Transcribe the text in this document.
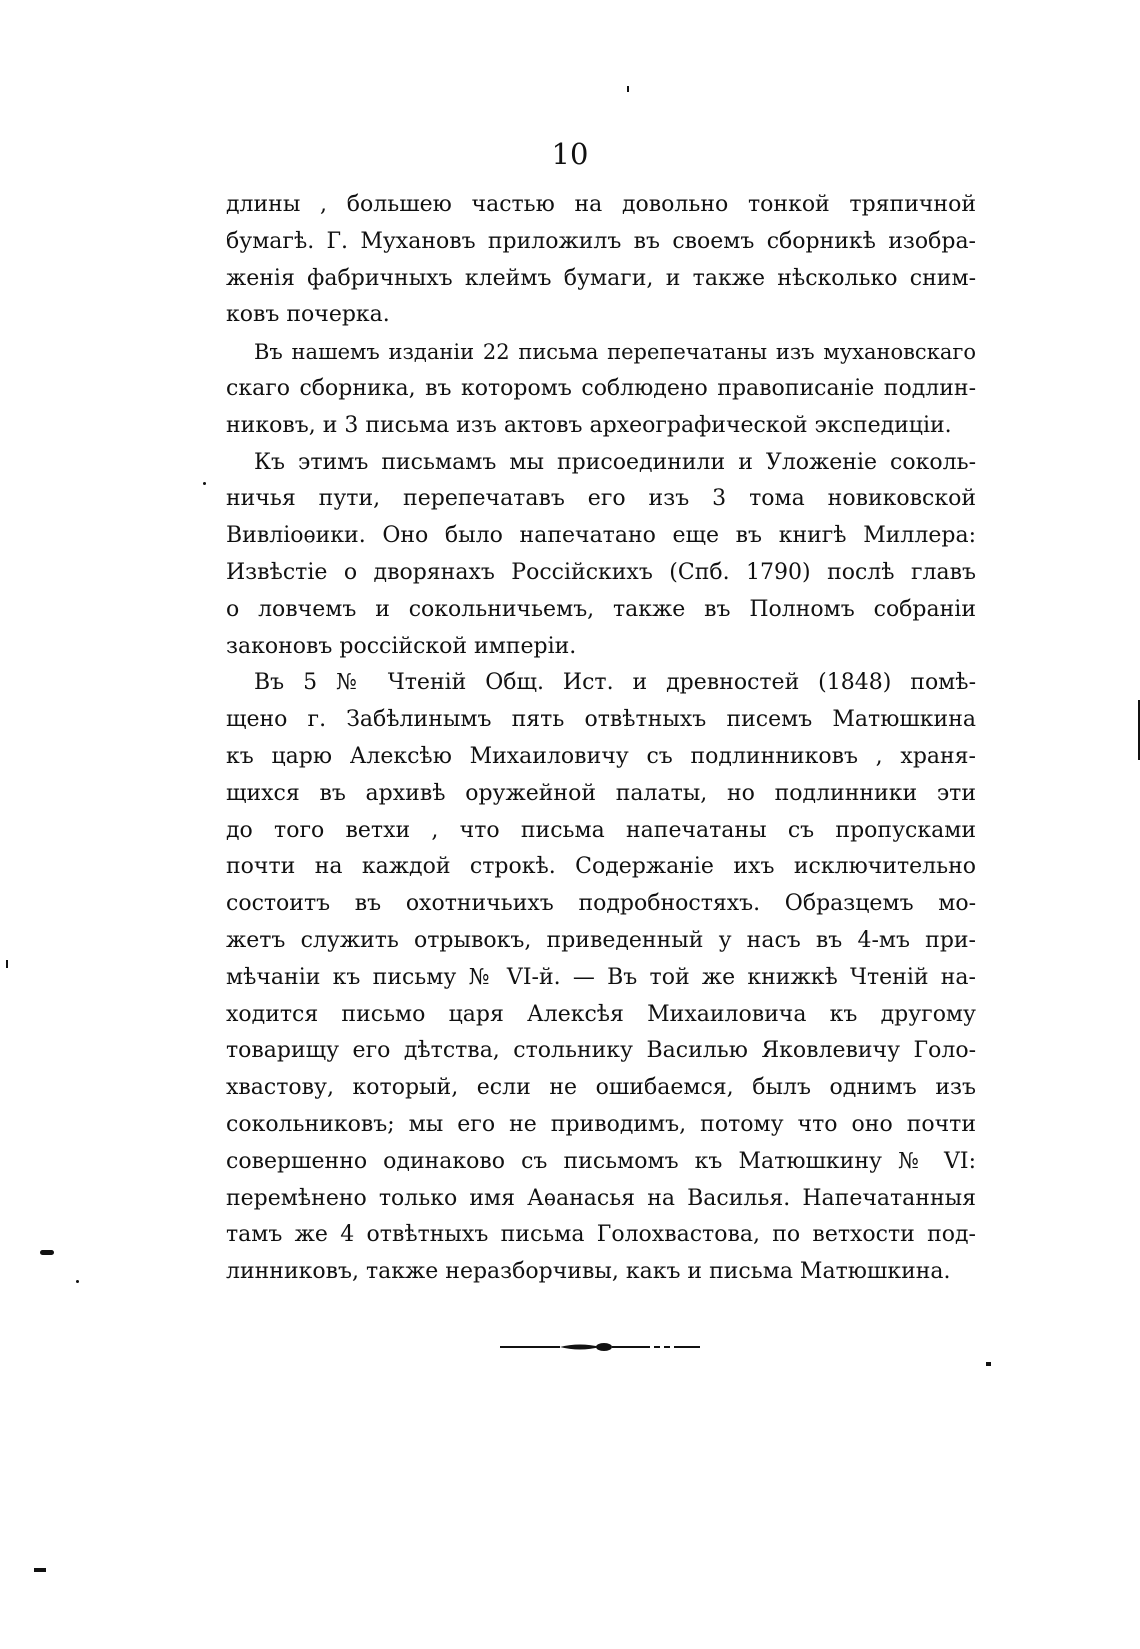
10
длины , большею частью на довольно тонкой тряпичной
бумагѣ. Г. Мухановъ приложилъ въ своемъ сборникѣ изобра-
женія фабричныхъ клеймъ бумаги, и также нѣсколько сним-
ковъ почерка.
Въ нашемъ изданіи 22 письма перепечатаны изъ мухановскаго
скаго сборника, въ которомъ соблюдено правописаніе подлин-
никовъ, и 3 письма изъ актовъ археографической экспедиціи.
Къ этимъ письмамъ мы присоединили и Уложеніе соколь-
ничья пути, перепечатавъ его изъ 3 тома новиковской
Вивліоѳики. Оно было напечатано еще въ книгѣ Миллера:
Извѣстіе о дворянахъ Россійскихъ (Спб. 1790) послѣ главъ
о ловчемъ и сокольничьемъ, также въ Полномъ собраніи
законовъ россійской имперіи.
Въ 5 № Чтеній Общ. Ист. и древностей (1848) помѣ-
щено г. Забѣлинымъ пять отвѣтныхъ писемъ Матюшкина
къ царю Алексѣю Михаиловичу съ подлинниковъ , храня-
щихся въ архивѣ оружейной палаты, но подлинники эти
до того ветхи , что письма напечатаны съ пропусками
почти на каждой строкѣ. Содержаніе ихъ исключительно
состоитъ въ охотничьихъ подробностяхъ. Образцемъ мо-
жетъ служить отрывокъ, приведенный у насъ въ 4-мъ при-
мѣчаніи къ письму № VI-й. — Въ той же книжкѣ Чтеній на-
ходится письмо царя Алексѣя Михаиловича къ другому
товарищу его дѣтства, стольнику Василью Яковлевичу Голо-
хвастову, который, если не ошибаемся, былъ однимъ изъ
сокольниковъ; мы его не приводимъ, потому что оно почти
совершенно одинаково съ письмомъ къ Матюшкину № VI:
перемѣнено только имя Аѳанасья на Василья. Напечатанныя
тамъ же 4 отвѣтныхъ письма Голохвастова, по ветхости под-
линниковъ, также неразборчивы, какъ и письма Матюшкина.
